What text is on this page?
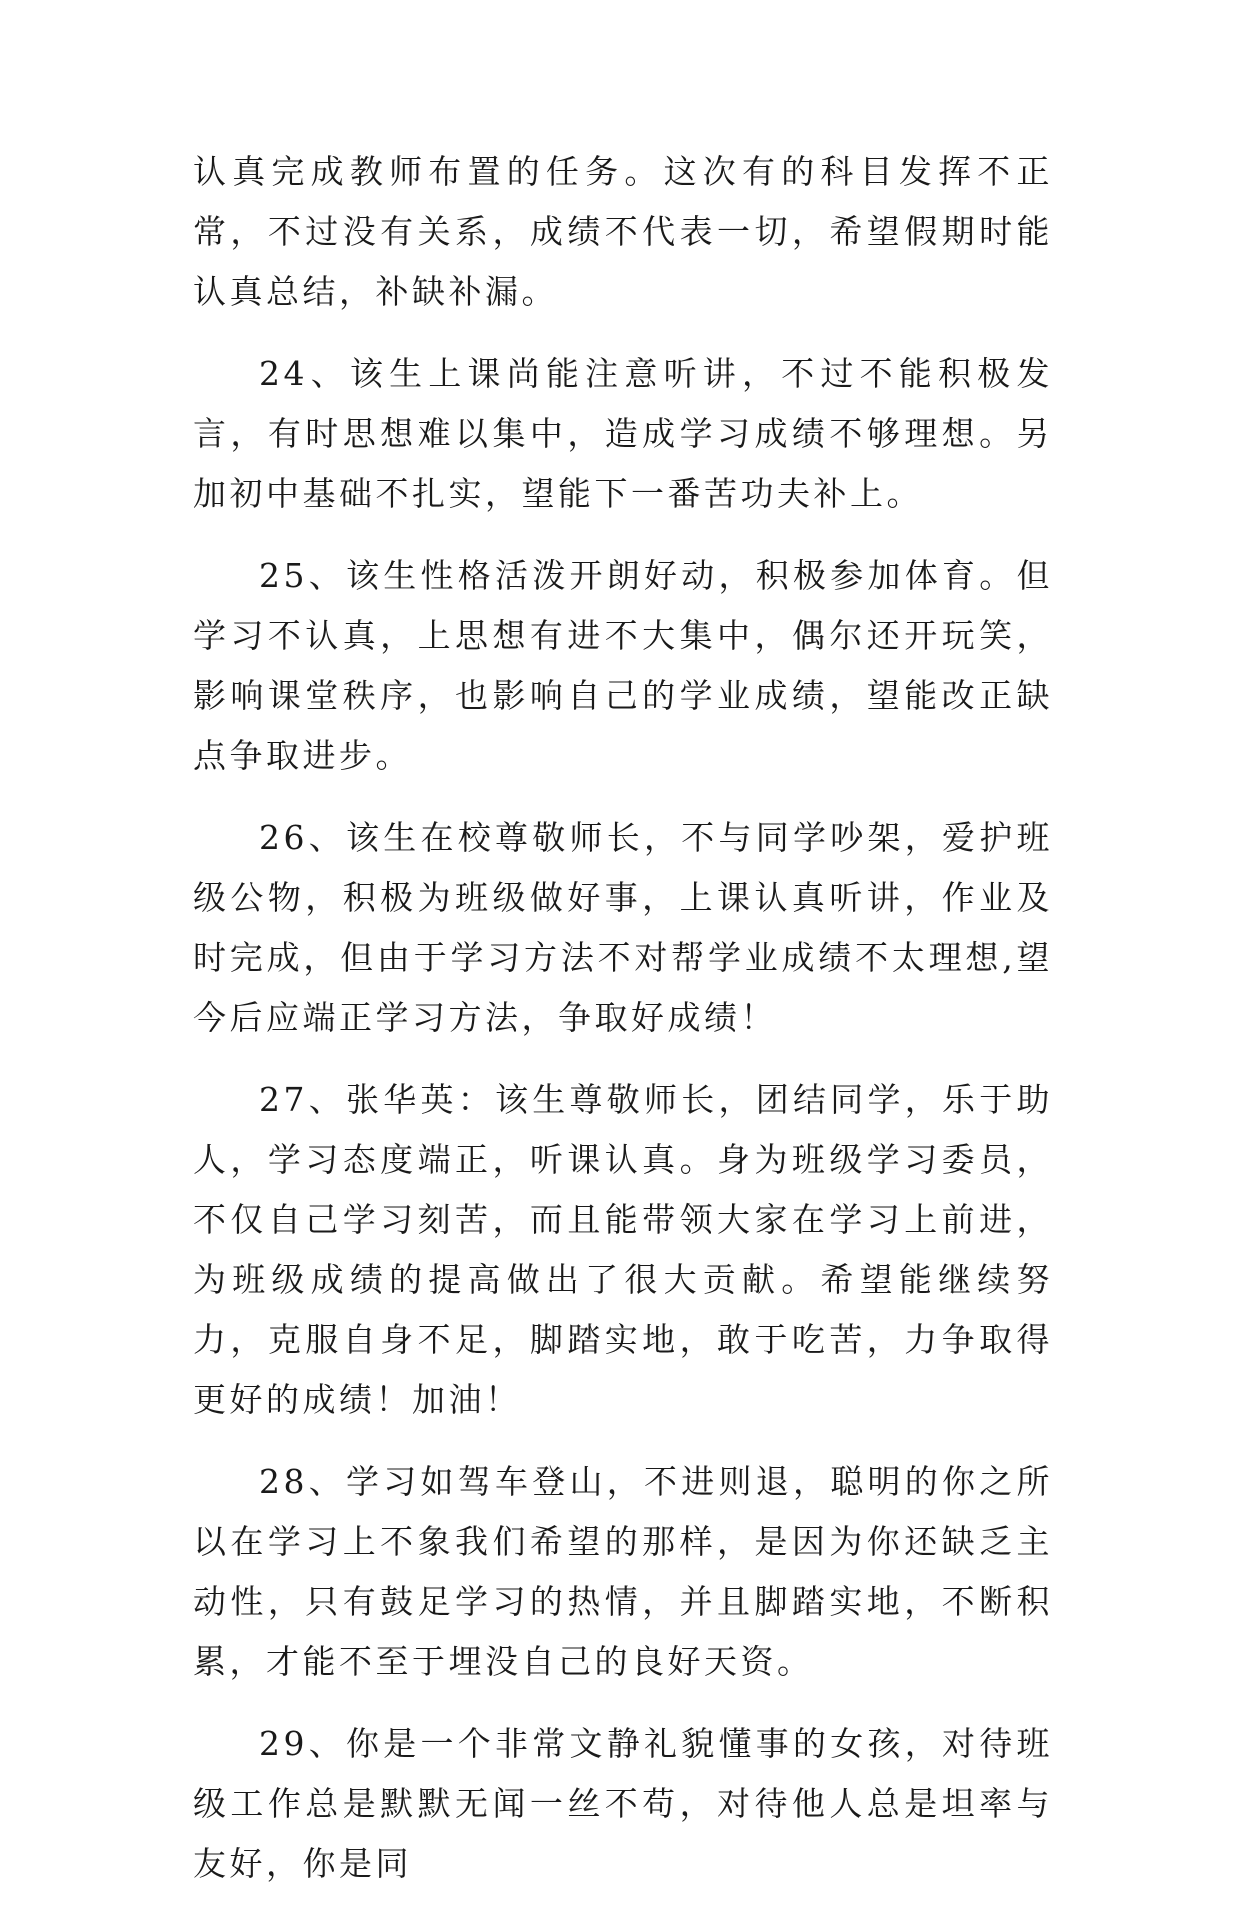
认真完成教师布置的任务。这次有的科目发挥不正常，不过没有关系，成绩不代表一切，希望假期时能认真总结，补缺补漏。

24、该生上课尚能注意听讲，不过不能积极发言，有时思想难以集中，造成学习成绩不够理想。另加初中基础不扎实，望能下一番苦功夫补上。

25、该生性格活泼开朗好动，积极参加体育。但学习不认真，上思想有进不大集中，偶尔还开玩笑，影响课堂秩序，也影响自己的学业成绩，望能改正缺点争取进步。

26、该生在校尊敬师长，不与同学吵架，爱护班级公物，积极为班级做好事，上课认真听讲，作业及时完成，但由于学习方法不对帮学业成绩不太理想,望今后应端正学习方法，争取好成绩！

27、张华英：该生尊敬师长，团结同学，乐于助人，学习态度端正，听课认真。身为班级学习委员，不仅自己学习刻苦，而且能带领大家在学习上前进，为班级成绩的提高做出了很大贡献。希望能继续努力，克服自身不足，脚踏实地，敢于吃苦，力争取得更好的成绩！加油！

28、学习如驾车登山，不进则退，聪明的你之所以在学习上不象我们希望的那样，是因为你还缺乏主动性，只有鼓足学习的热情，并且脚踏实地，不断积累，才能不至于埋没自己的良好天资。

29、你是一个非常文静礼貌懂事的女孩，对待班级工作总是默默无闻一丝不苟，对待他人总是坦率与友好，你是同
